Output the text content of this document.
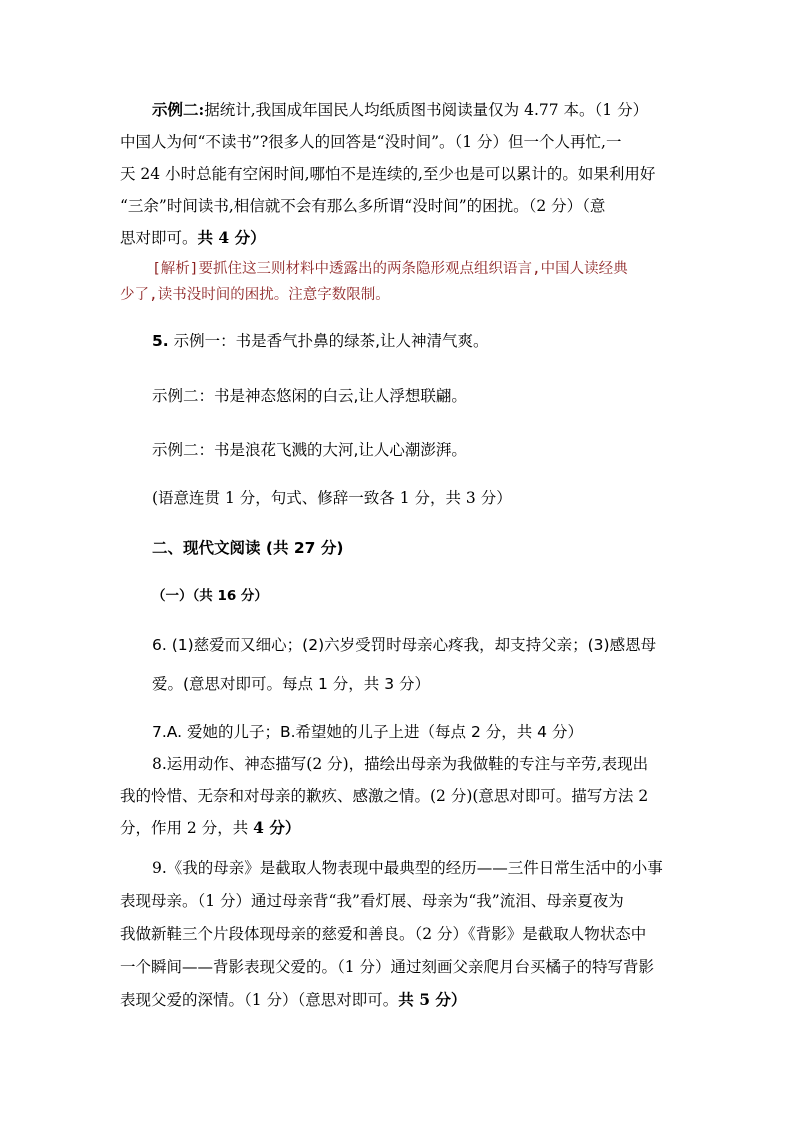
示例二:据统计,我国成年国民人均纸质图书阅读量仅为 4.77 本。（1 分）
中国人为何“不读书”?很多人的回答是“没时间”。（1 分）但一个人再忙,一
天 24 小时总能有空闲时间,哪怕不是连续的,至少也是可以累计的。如果利用好
“三余”时间读书,相信就不会有那么多所谓“没时间”的困扰。（2 分）（意
思对即可。共 4 分）
[解析]要抓住这三则材料中透露出的两条隐形观点组织语言,中国人读经典
少了,读书没时间的困扰。注意字数限制。
5. 示例一：书是香气扑鼻的绿茶,让人神清气爽。
示例二：书是神态悠闲的白云,让人浮想联翩。
示例二：书是浪花飞溅的大河,让人心潮澎湃。
(语意连贯 1 分，句式、修辞一致各 1 分，共 3 分）
二、现代文阅读 (共 27 分)
（一）（共 16 分）
6. (1)慈爱而又细心；(2)六岁受罚时母亲心疼我，却支持父亲；(3)感恩母
爱。(意思对即可。每点 1 分，共 3 分）
7.A. 爱她的儿子；B.希望她的儿子上进（每点 2 分，共 4 分）
8.运用动作、神态描写(2 分)，描绘出母亲为我做鞋的专注与辛劳,表现出
我的怜惜、无奈和对母亲的歉疚、感激之情。(2 分)(意思对即可。描写方法 2
分，作用 2 分，共 4 分）
9.《我的母亲》是截取人物表现中最典型的经历——三件日常生活中的小事
表现母亲。（1 分）通过母亲背“我”看灯展、母亲为“我”流泪、母亲夏夜为
我做新鞋三个片段体现母亲的慈爱和善良。（2 分）《背影》是截取人物状态中
一个瞬间——背影表现父爱的。（1 分）通过刻画父亲爬月台买橘子的特写背影
表现父爱的深情。（1 分）（意思对即可。共 5 分）
